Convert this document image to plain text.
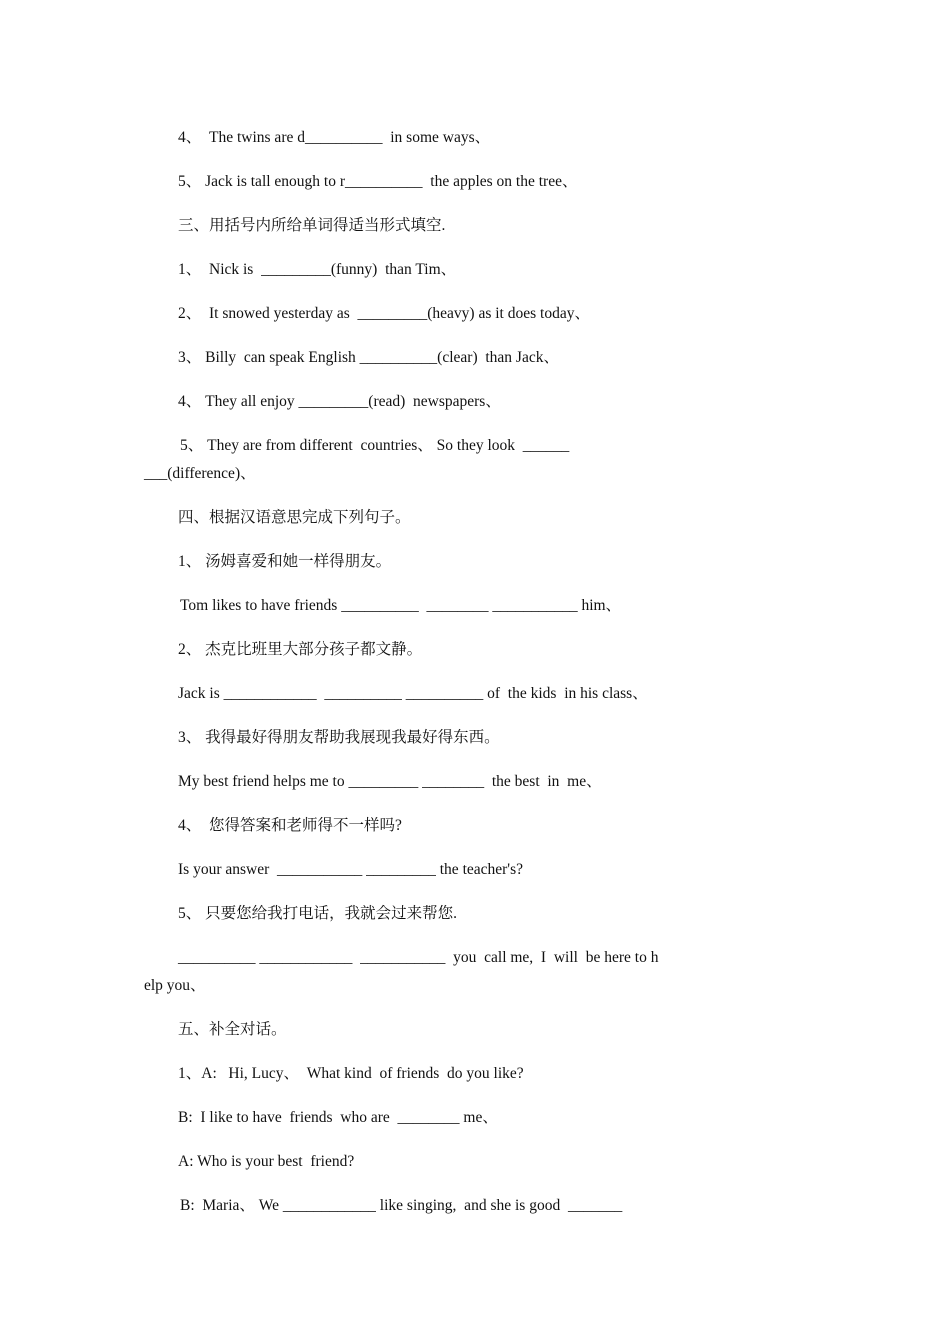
4、  The twins are d__________  in some ways、
5、 Jack is tall enough to r__________  the apples on the tree、
三、用括号内所给单词得适当形式填空.
1、  Nick is  _________(funny)  than Tim、
2、  It snowed yesterday as  _________(heavy) as it does today、
3、 Billy  can speak English __________(clear)  than Jack、
4、 They all enjoy _________(read)  newspapers、
5、 They are from different  countries、 So they look  ______
___(difference)、
四、根据汉语意思完成下列句子。
1、 汤姆喜爱和她一样得朋友。
Tom likes to have friends __________  ________ ___________ him、
2、 杰克比班里大部分孩子都文静。
Jack is ____________  __________ __________ of  the kids  in his class、
3、 我得最好得朋友帮助我展现我最好得东西。
My best friend helps me to _________ ________  the best  in  me、
4、  您得答案和老师得不一样吗?
Is your answer  ___________ _________ the teacher's?
5、 只要您给我打电话，我就会过来帮您.
__________ ____________  ___________  you  call me,  I  will  be here to h
elp you、
五、补全对话。
1、A:   Hi, Lucy、  What kind  of friends  do you like?
B:  I like to have  friends  who are  ________ me、
A: Who is your best  friend?
B:  Maria、 We ____________ like singing,  and she is good  _______
